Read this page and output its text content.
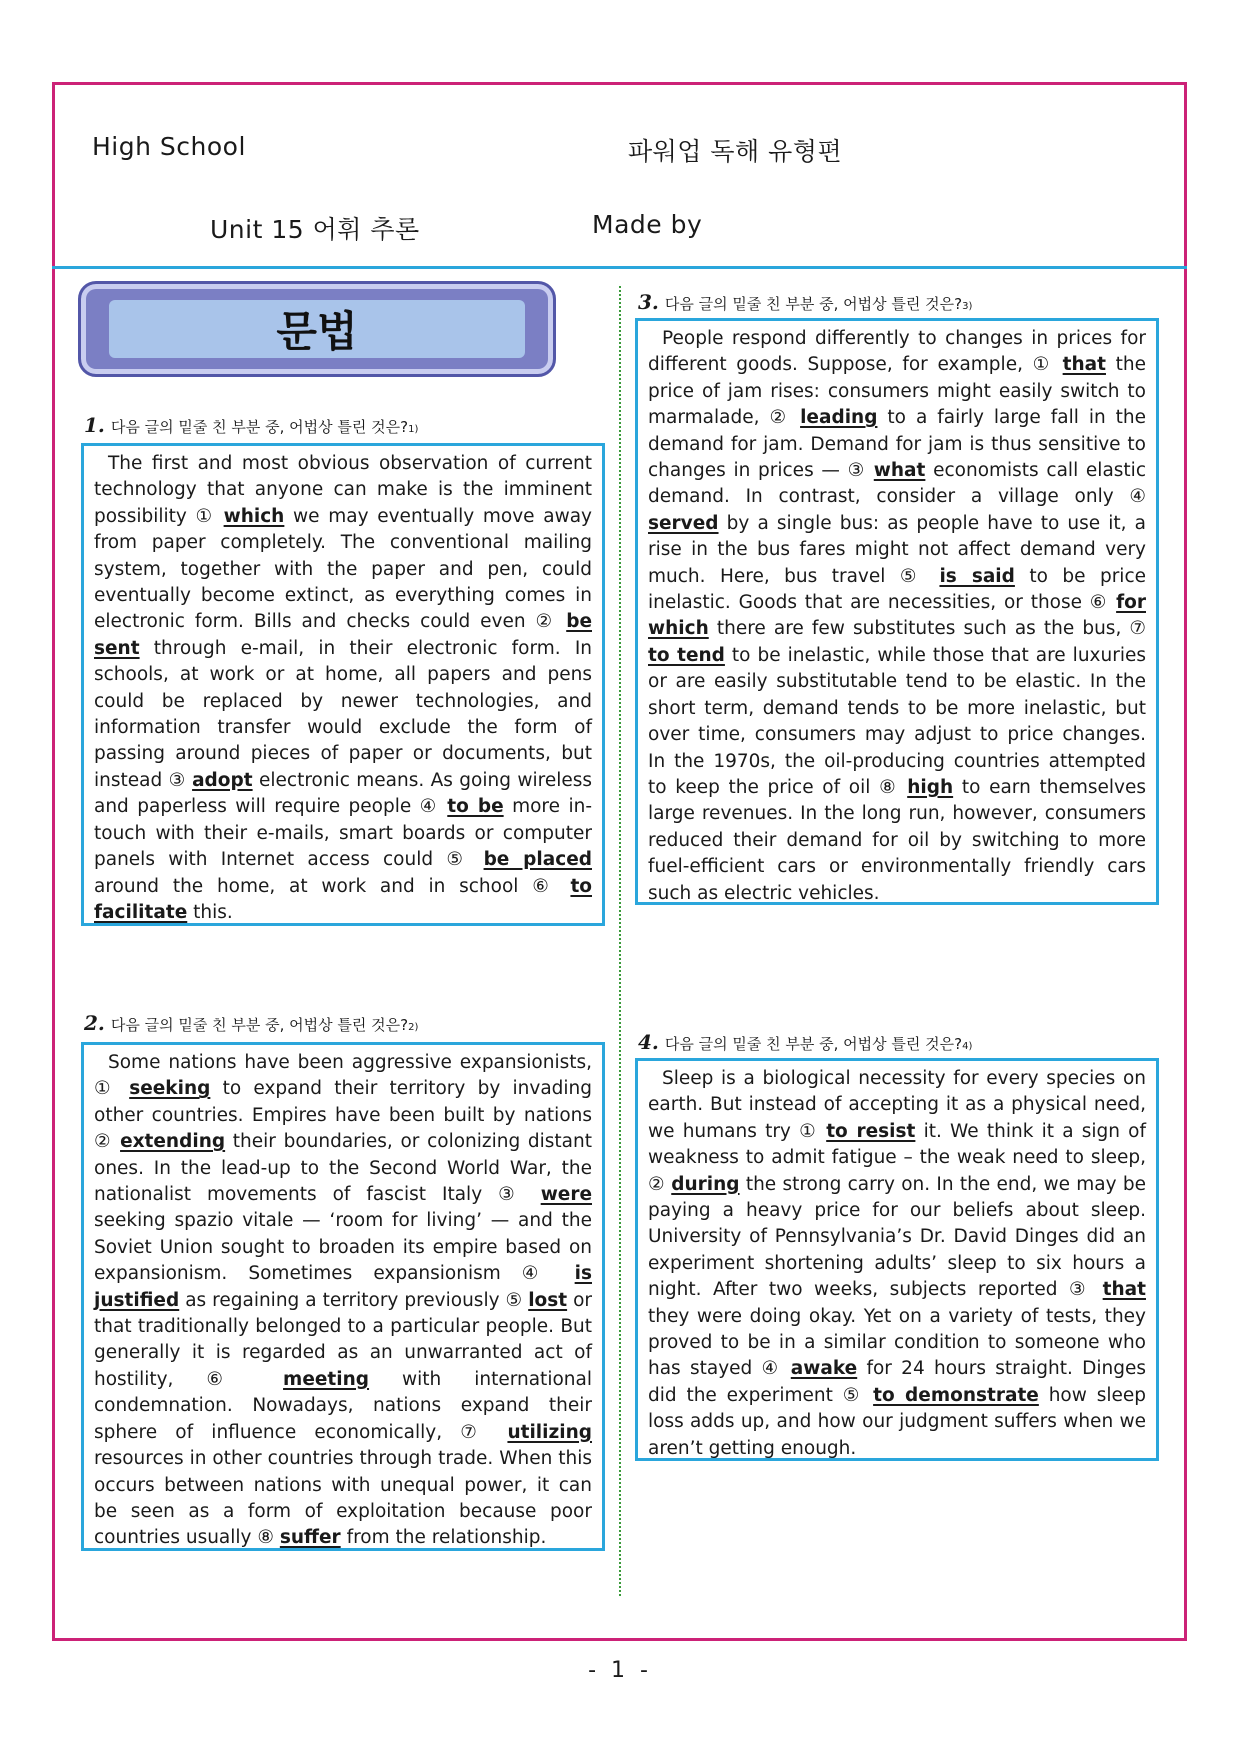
High School	파워업 독해 유형편
Unit 15 어휘 추론	Made by
문법
1. 다음 글의 밑줄 친 부분 중, 어법상 틀린 것은$?_{1)}$

The first and most obvious observation of current technology that anyone can make is the imminent possibility ① which we may eventually move away from paper completely. The conventional mailing system, together with the paper and pen, could eventually become extinct, as everything comes in electronic form. Bills and checks could even ② be sent through e-mail, in their electronic form. In schools, at work or at home, all papers and pens could be replaced by newer technologies, and information transfer would exclude the form of passing around pieces of paper or documents, but instead ③ adopt electronic means. As going wireless and paperless will require people ④ to be more in-touch with their e-mails, smart boards or computer panels with Internet access could ⑤ be placed around the home, at work and in school ⑥ to facilitate this.

2. 다음 글의 밑줄 친 부분 중, 어법상 틀린 것은$?_{2)}$

Some nations have been aggressive expansionists, ① seeking to expand their territory by invading other countries. Empires have been built by nations ② extending their boundaries, or colonizing distant ones. In the lead-up to the Second World War, the nationalist movements of fascist Italy ③ were seeking spazio vitale — ‘room for living’ — and the Soviet Union sought to broaden its empire based on expansionism. Sometimes expansionism ④ is justified as regaining a territory previously ⑤ lost or that traditionally belonged to a particular people. But generally it is regarded as an unwarranted act of hostility, ⑥ meeting with international condemnation. Nowadays, nations expand their sphere of influence economically, ⑦ utilizing resources in other countries through trade. When this occurs between nations with unequal power, it can be seen as a form of exploitation because poor countries usually ⑧ suffer from the relationship.

3. 다음 글의 밑줄 친 부분 중, 어법상 틀린 것은$?_{3)}$

People respond differently to changes in prices for different goods. Suppose, for example, ① that the price of jam rises: consumers might easily switch to marmalade, ② leading to a fairly large fall in the demand for jam. Demand for jam is thus sensitive to changes in prices — ③ what economists call elastic demand. In contrast, consider a village only ④ served by a single bus: as people have to use it, a rise in the bus fares might not affect demand very much. Here, bus travel ⑤ is said to be price inelastic. Goods that are necessities, or those ⑥ for which there are few substitutes such as the bus, ⑦ to tend to be inelastic, while those that are luxuries or are easily substitutable tend to be elastic. In the short term, demand tends to be more inelastic, but over time, consumers may adjust to price changes. In the 1970s, the oil-producing countries attempted to keep the price of oil ⑧ high to earn themselves large revenues. In the long run, however, consumers reduced their demand for oil by switching to more fuel-efficient cars or environmentally friendly cars such as electric vehicles.

4. 다음 글의 밑줄 친 부분 중, 어법상 틀린 것은$?_{4)}$

Sleep is a biological necessity for every species on earth. But instead of accepting it as a physical need, we humans try ① to resist it. We think it a sign of weakness to admit fatigue – the weak need to sleep, ② during the strong carry on. In the end, we may be paying a heavy price for our beliefs about sleep. University of Pennsylvania’s Dr. David Dinges did an experiment shortening adults’ sleep to six hours a night. After two weeks, subjects reported ③ that they were doing okay. Yet on a variety of tests, they proved to be in a similar condition to someone who has stayed ④ awake for 24 hours straight. Dinges did the experiment ⑤ to demonstrate how sleep loss adds up, and how our judgment suffers when we aren’t getting enough.

- 1 -
